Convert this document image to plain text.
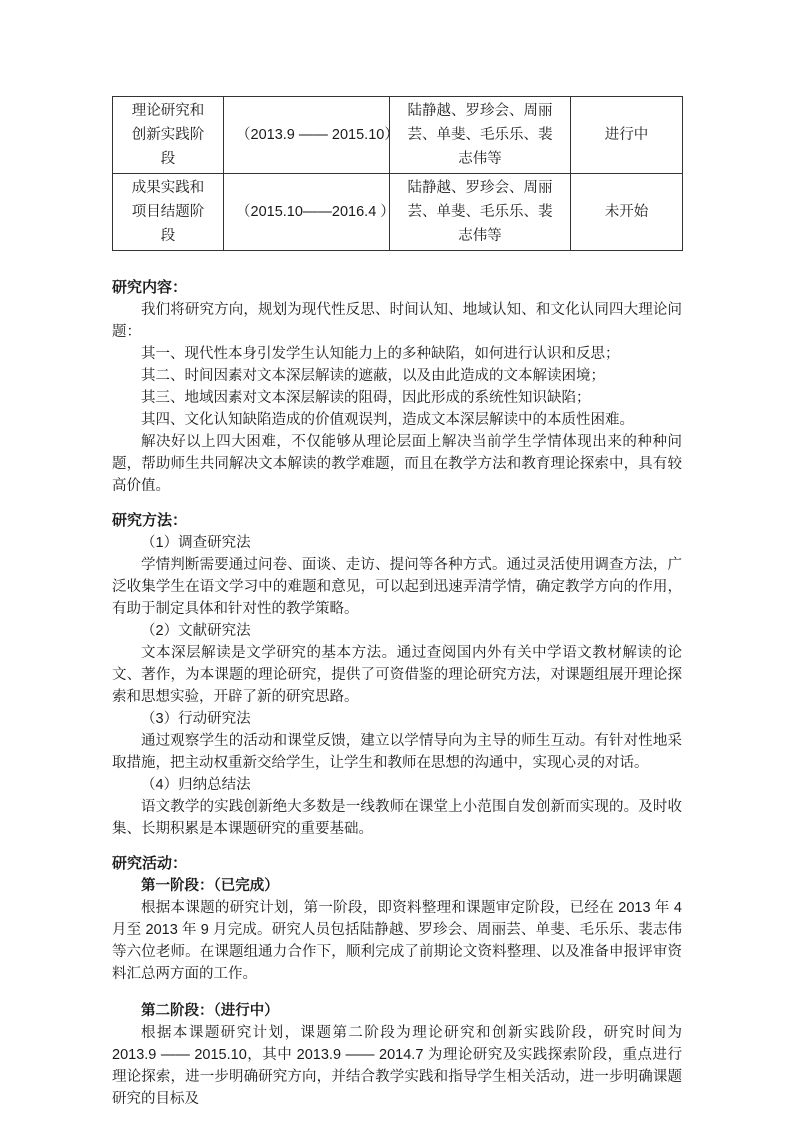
理论研究和创新实践阶段	（2013.9 —— 2015.10）	陆静越、罗珍会、周丽芸、单斐、毛乐乐、裴志伟等	进行中
成果实践和项目结题阶段	（2015.10——2016.4 ）	陆静越、罗珍会、周丽芸、单斐、毛乐乐、裴志伟等	未开始
研究内容：

我们将研究方向，规划为现代性反思、时间认知、地域认知、和文化认同四大理论问题：

其一、现代性本身引发学生认知能力上的多种缺陷，如何进行认识和反思；

其二、时间因素对文本深层解读的遮蔽，以及由此造成的文本解读困境；

其三、地域因素对文本深层解读的阻碍，因此形成的系统性知识缺陷；

其四、文化认知缺陷造成的价值观误判，造成文本深层解读中的本质性困难。

解决好以上四大困难，不仅能够从理论层面上解决当前学生学情体现出来的种种问题，帮助师生共同解决文本解读的教学难题，而且在教学方法和教育理论探索中，具有较高价值。

研究方法：

（1）调查研究法

学情判断需要通过问卷、面谈、走访、提问等各种方式。通过灵活使用调查方法，广泛收集学生在语文学习中的难题和意见，可以起到迅速弄清学情，确定教学方向的作用，有助于制定具体和针对性的教学策略。

（2）文献研究法

文本深层解读是文学研究的基本方法。通过查阅国内外有关中学语文教材解读的论文、著作，为本课题的理论研究，提供了可资借鉴的理论研究方法，对课题组展开理论探索和思想实验，开辟了新的研究思路。

（3）行动研究法

通过观察学生的活动和课堂反馈，建立以学情导向为主导的师生互动。有针对性地采取措施，把主动权重新交给学生，让学生和教师在思想的沟通中，实现心灵的对话。

（4）归纳总结法

语文教学的实践创新绝大多数是一线教师在课堂上小范围自发创新而实现的。及时收集、长期积累是本课题研究的重要基础。

研究活动：

第一阶段：（已完成）

根据本课题的研究计划，第一阶段，即资料整理和课题审定阶段，已经在 2013 年 4 月至 2013 年 9 月完成。研究人员包括陆静越、罗珍会、周丽芸、单斐、毛乐乐、裴志伟等六位老师。在课题组通力合作下，顺利完成了前期论文资料整理、以及准备申报评审资料汇总两方面的工作。

第二阶段：（进行中）

根据本课题研究计划，课题第二阶段为理论研究和创新实践阶段，研究时间为 2013.9 —— 2015.10，其中 2013.9 —— 2014.7 为理论研究及实践探索阶段，重点进行理论探索，进一步明确研究方向，并结合教学实践和指导学生相关活动，进一步明确课题研究的目标及
